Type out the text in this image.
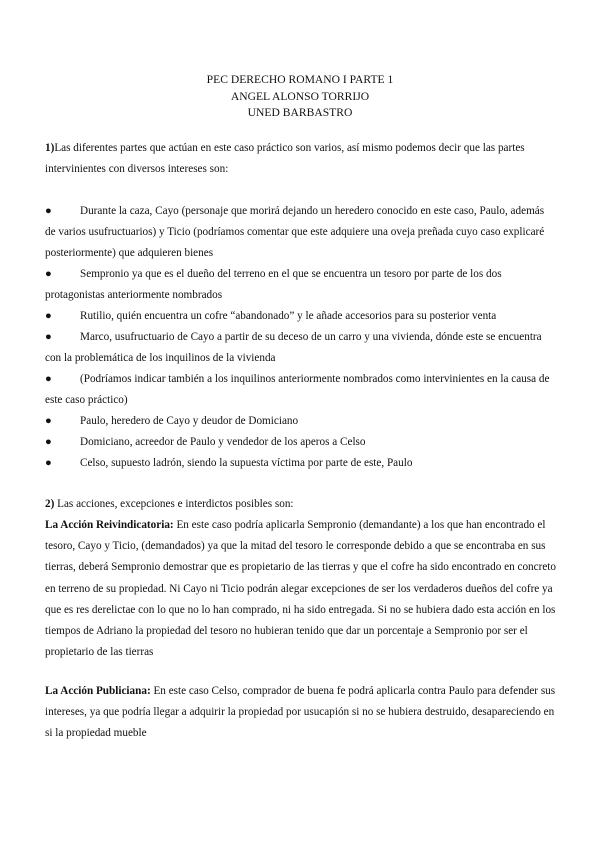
PEC DERECHO ROMANO I PARTE 1
ANGEL ALONSO TORRIJO
UNED BARBASTRO
1)Las diferentes partes que actúan en este caso práctico son varios, así mismo podemos decir que las partes intervinientes con diversos intereses son:
●	Durante la caza, Cayo (personaje que morirá dejando un heredero conocido en este caso, Paulo, además de varios usufructuarios) y Ticio (podríamos comentar que este adquiere una oveja preñada cuyo caso explicaré posteriormente) que adquieren bienes
●	Sempronio ya que es el dueño del terreno en el que se encuentra un tesoro por parte de los dos protagonistas anteriormente nombrados
●	Rutilio, quién encuentra un cofre “abandonado” y le añade accesorios para su posterior venta
●	Marco, usufructuario de Cayo a partir de su deceso de un carro y una vivienda, dónde este se encuentra con la problemática de los inquilinos de la vivienda
●	(Podríamos indicar también a los inquilinos anteriormente nombrados como intervinientes en la causa de este caso práctico)
●	Paulo, heredero de Cayo y deudor de Domiciano
●	Domiciano, acreedor de Paulo y vendedor de los aperos a Celso
●	Celso, supuesto ladrón, siendo la supuesta víctima por parte de este, Paulo
2) Las acciones, excepciones e interdictos posibles son:
La Acción Reivindicatoria: En este caso podría aplicarla Sempronio (demandante) a los que han encontrado el tesoro, Cayo y Ticio, (demandados) ya que la mitad del tesoro le corresponde debido a que se encontraba en sus tierras, deberá Sempronio demostrar que es propietario de las tierras y que el cofre ha sido encontrado en concreto en terreno de su propiedad. Ni Cayo ni Ticio podrán alegar excepciones de ser los verdaderos dueños del cofre ya que es res derelictae con lo que no lo han comprado, ni ha sido entregada. Si no se hubiera dado esta acción en los tiempos de Adriano la propiedad del tesoro no hubieran tenido que dar un porcentaje a Sempronio por ser el propietario de las tierras
La Acción Publiciana: En este caso Celso, comprador de buena fe podrá aplicarla contra Paulo para defender sus intereses, ya que podría llegar a adquirir la propiedad por usucapión si no se hubiera destruido, desapareciendo en si la propiedad mueble
